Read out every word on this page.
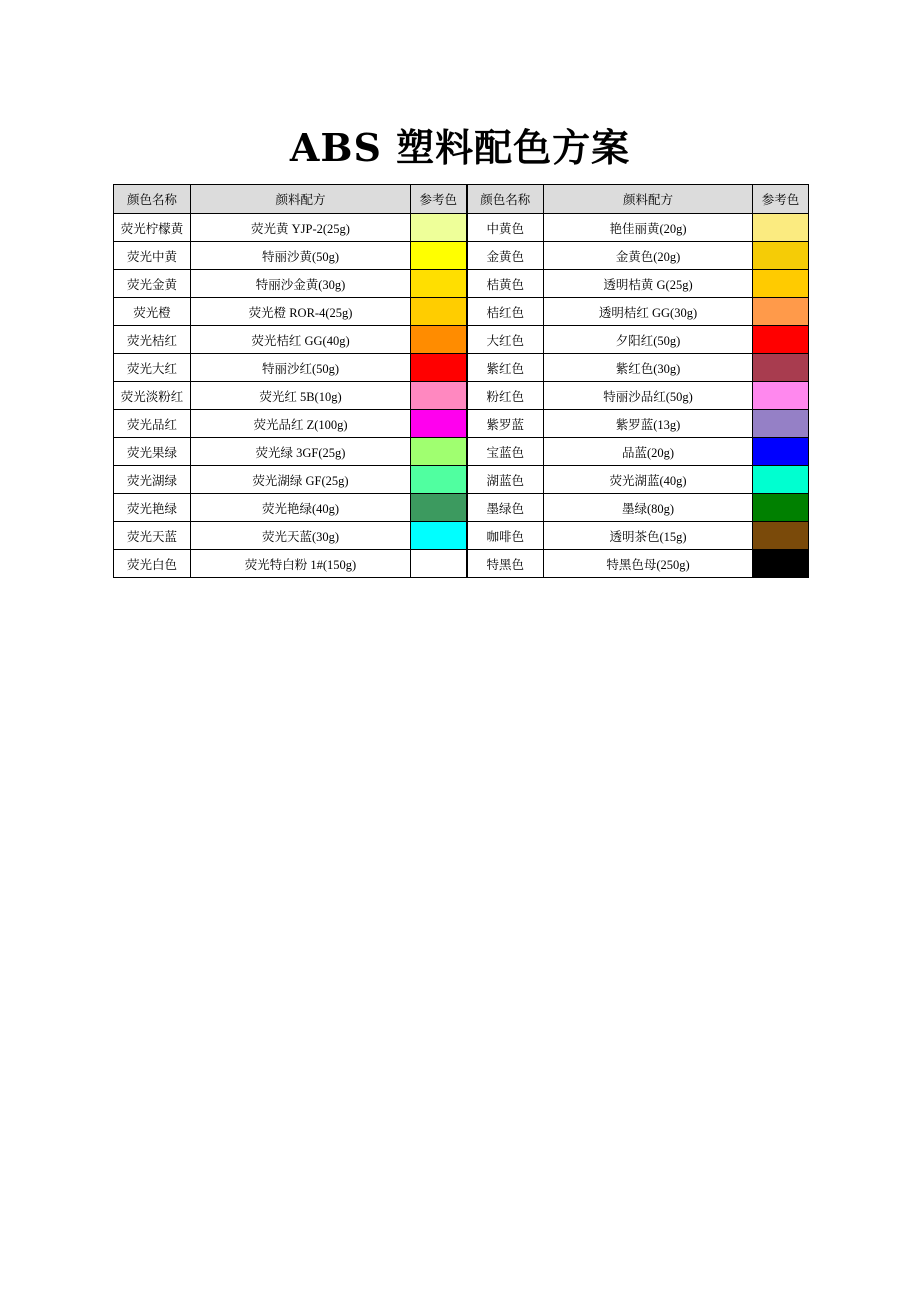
ABS 塑料配色方案
颜色名称	颜料配方	参考色	颜色名称	颜料配方	参考色
荧光柠檬黄	荧光黄 YJP-2(25g)		中黄色	艳佳丽黄(20g)	

荧光中黄	特丽沙黄(50g)		金黄色	金黄色(20g)	

荧光金黄	特丽沙金黄(30g)		桔黄色	透明桔黄 G(25g)	

荧光橙	荧光橙 ROR-4(25g)		桔红色	透明桔红 GG(30g)	

荧光桔红	荧光桔红 GG(40g)		大红色	夕阳红(50g)	

荧光大红	特丽沙红(50g)		紫红色	紫红色(30g)	

荧光淡粉红	荧光红 5B(10g)		粉红色	特丽沙品红(50g)	

荧光品红	荧光品红 Z(100g)		紫罗蓝	紫罗蓝(13g)	

荧光果绿	荧光绿 3GF(25g)		宝蓝色	品蓝(20g)	

荧光湖绿	荧光湖绿 GF(25g)		湖蓝色	荧光湖蓝(40g)	

荧光艳绿	荧光艳绿(40g)		墨绿色	墨绿(80g)	

荧光天蓝	荧光天蓝(30g)		咖啡色	透明茶色(15g)	

荧光白色	荧光特白粉 1#(150g)		特黑色	特黑色母(250g)	
